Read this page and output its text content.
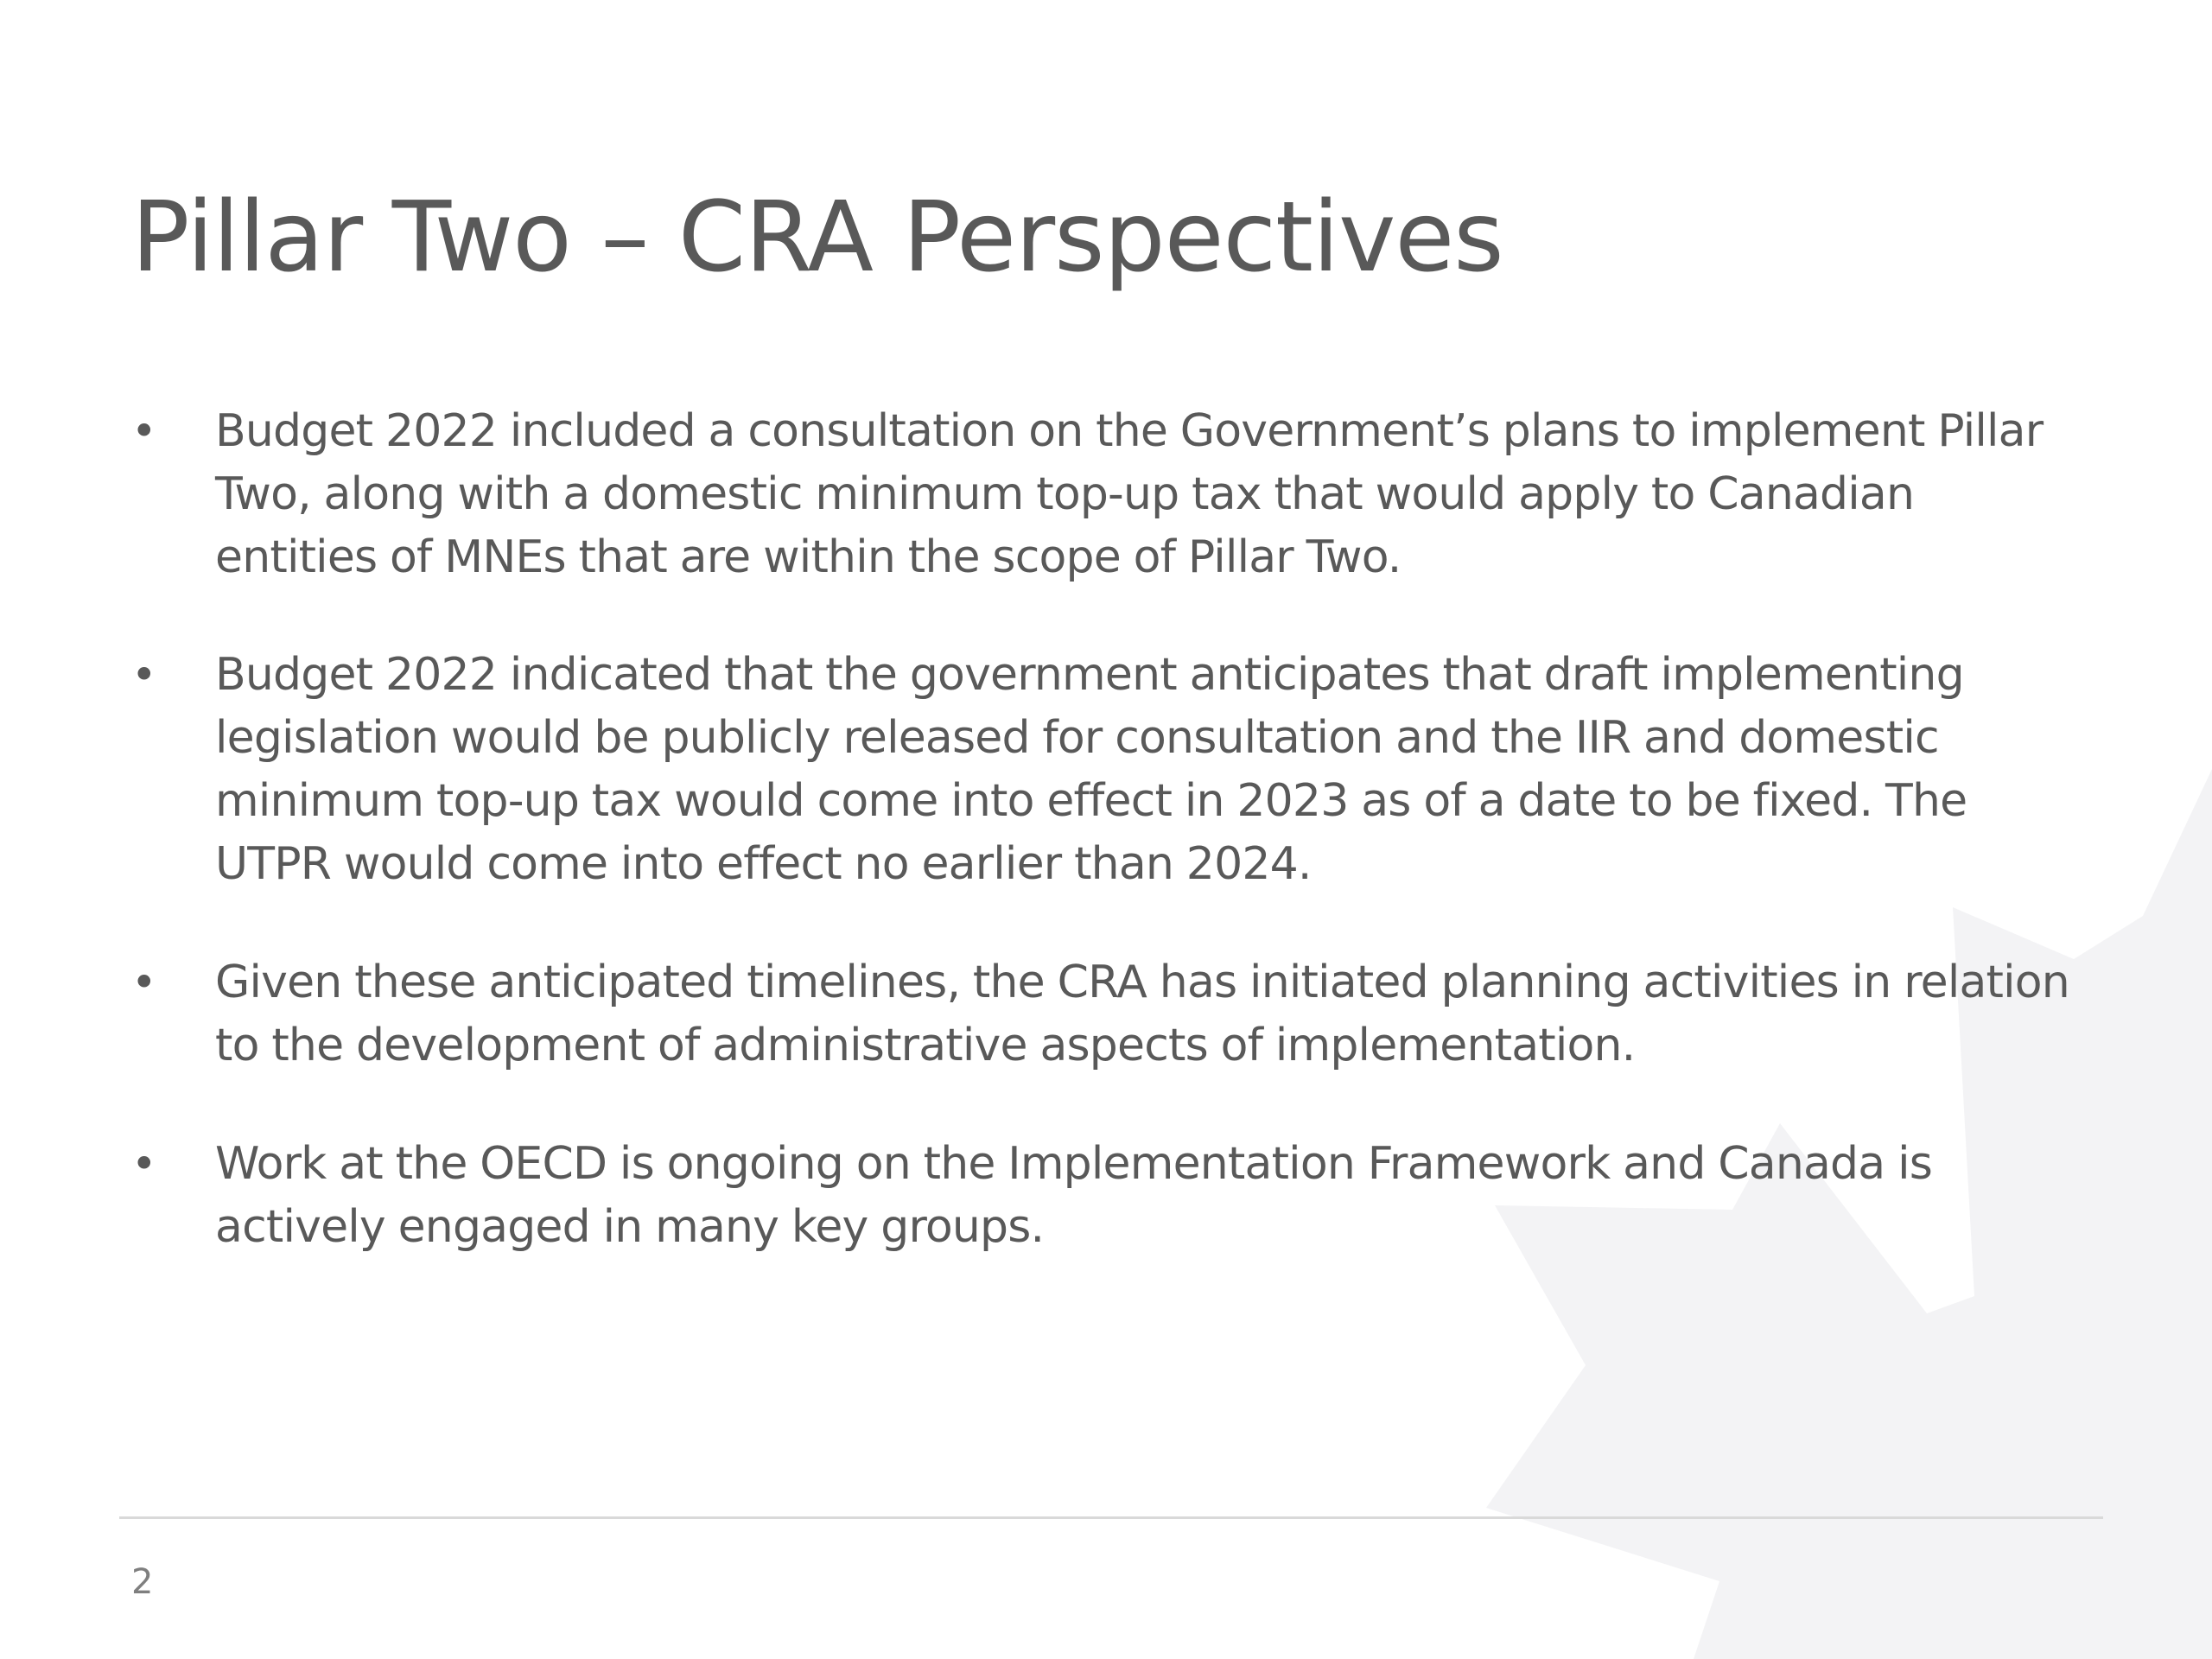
Pillar Two – CRA Perspectives
• Budget 2022 included a consultation on the Government’s plans to implement Pillar Two, along with a domestic minimum top-up tax that would apply to Canadian entities of MNEs that are within the scope of Pillar Two.
• Budget 2022 indicated that the government anticipates that draft implementing legislation would be publicly released for consultation and the IIR and domestic minimum top-up tax would come into effect in 2023 as of a date to be fixed. The UTPR would come into effect no earlier than 2024.
• Given these anticipated timelines, the CRA has initiated planning activities in relation to the development of administrative aspects of implementation.
• Work at the OECD is ongoing on the Implementation Framework and Canada is actively engaged in many key groups.
2
